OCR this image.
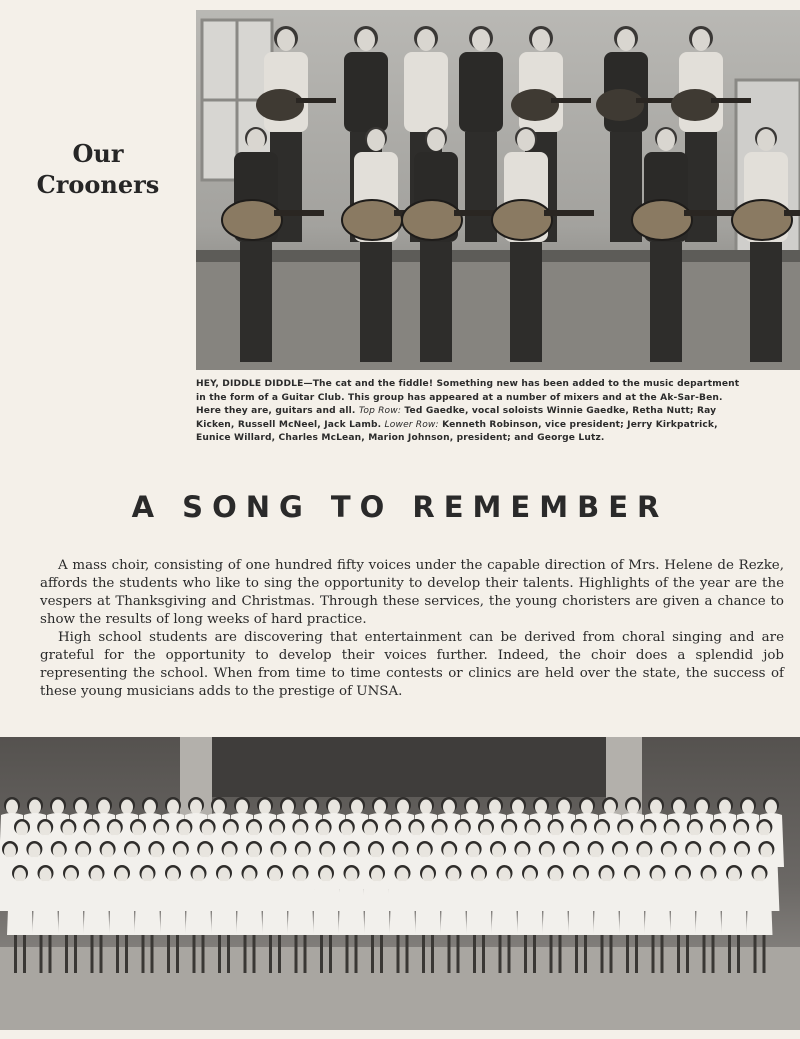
Our
Crooners
HEY, DIDDLE DIDDLE—The cat and the fiddle! Something new has been added to the music department in the form of a Guitar Club. This group has appeared at a number of mixers and at the Ak-Sar-Ben. Here they are, guitars and all. Top Row: Ted Gaedke, vocal soloists Winnie Gaedke, Retha Nutt; Ray Kicken, Russell McNeel, Jack Lamb. Lower Row: Kenneth Robinson, vice president; Jerry Kirkpatrick, Eunice Willard, Charles McLean, Marion Johnson, president; and George Lutz.
A SONG TO REMEMBER

A mass choir, consisting of one hundred fifty voices under the capable direction of Mrs. Helene de Rezke, affords the students who like to sing the opportunity to develop their talents. Highlights of the year are the vespers at Thanksgiving and Christmas. Through these services, the young choristers are given a chance to show the results of long weeks of hard practice.

High school students are discovering that entertainment can be derived from choral singing and are grateful for the opportunity to develop their voices further. Indeed, the choir does a splendid job representing the school. When from time to time contests or clinics are held over the state, the success of these young musicians adds to the prestige of UNSA.
